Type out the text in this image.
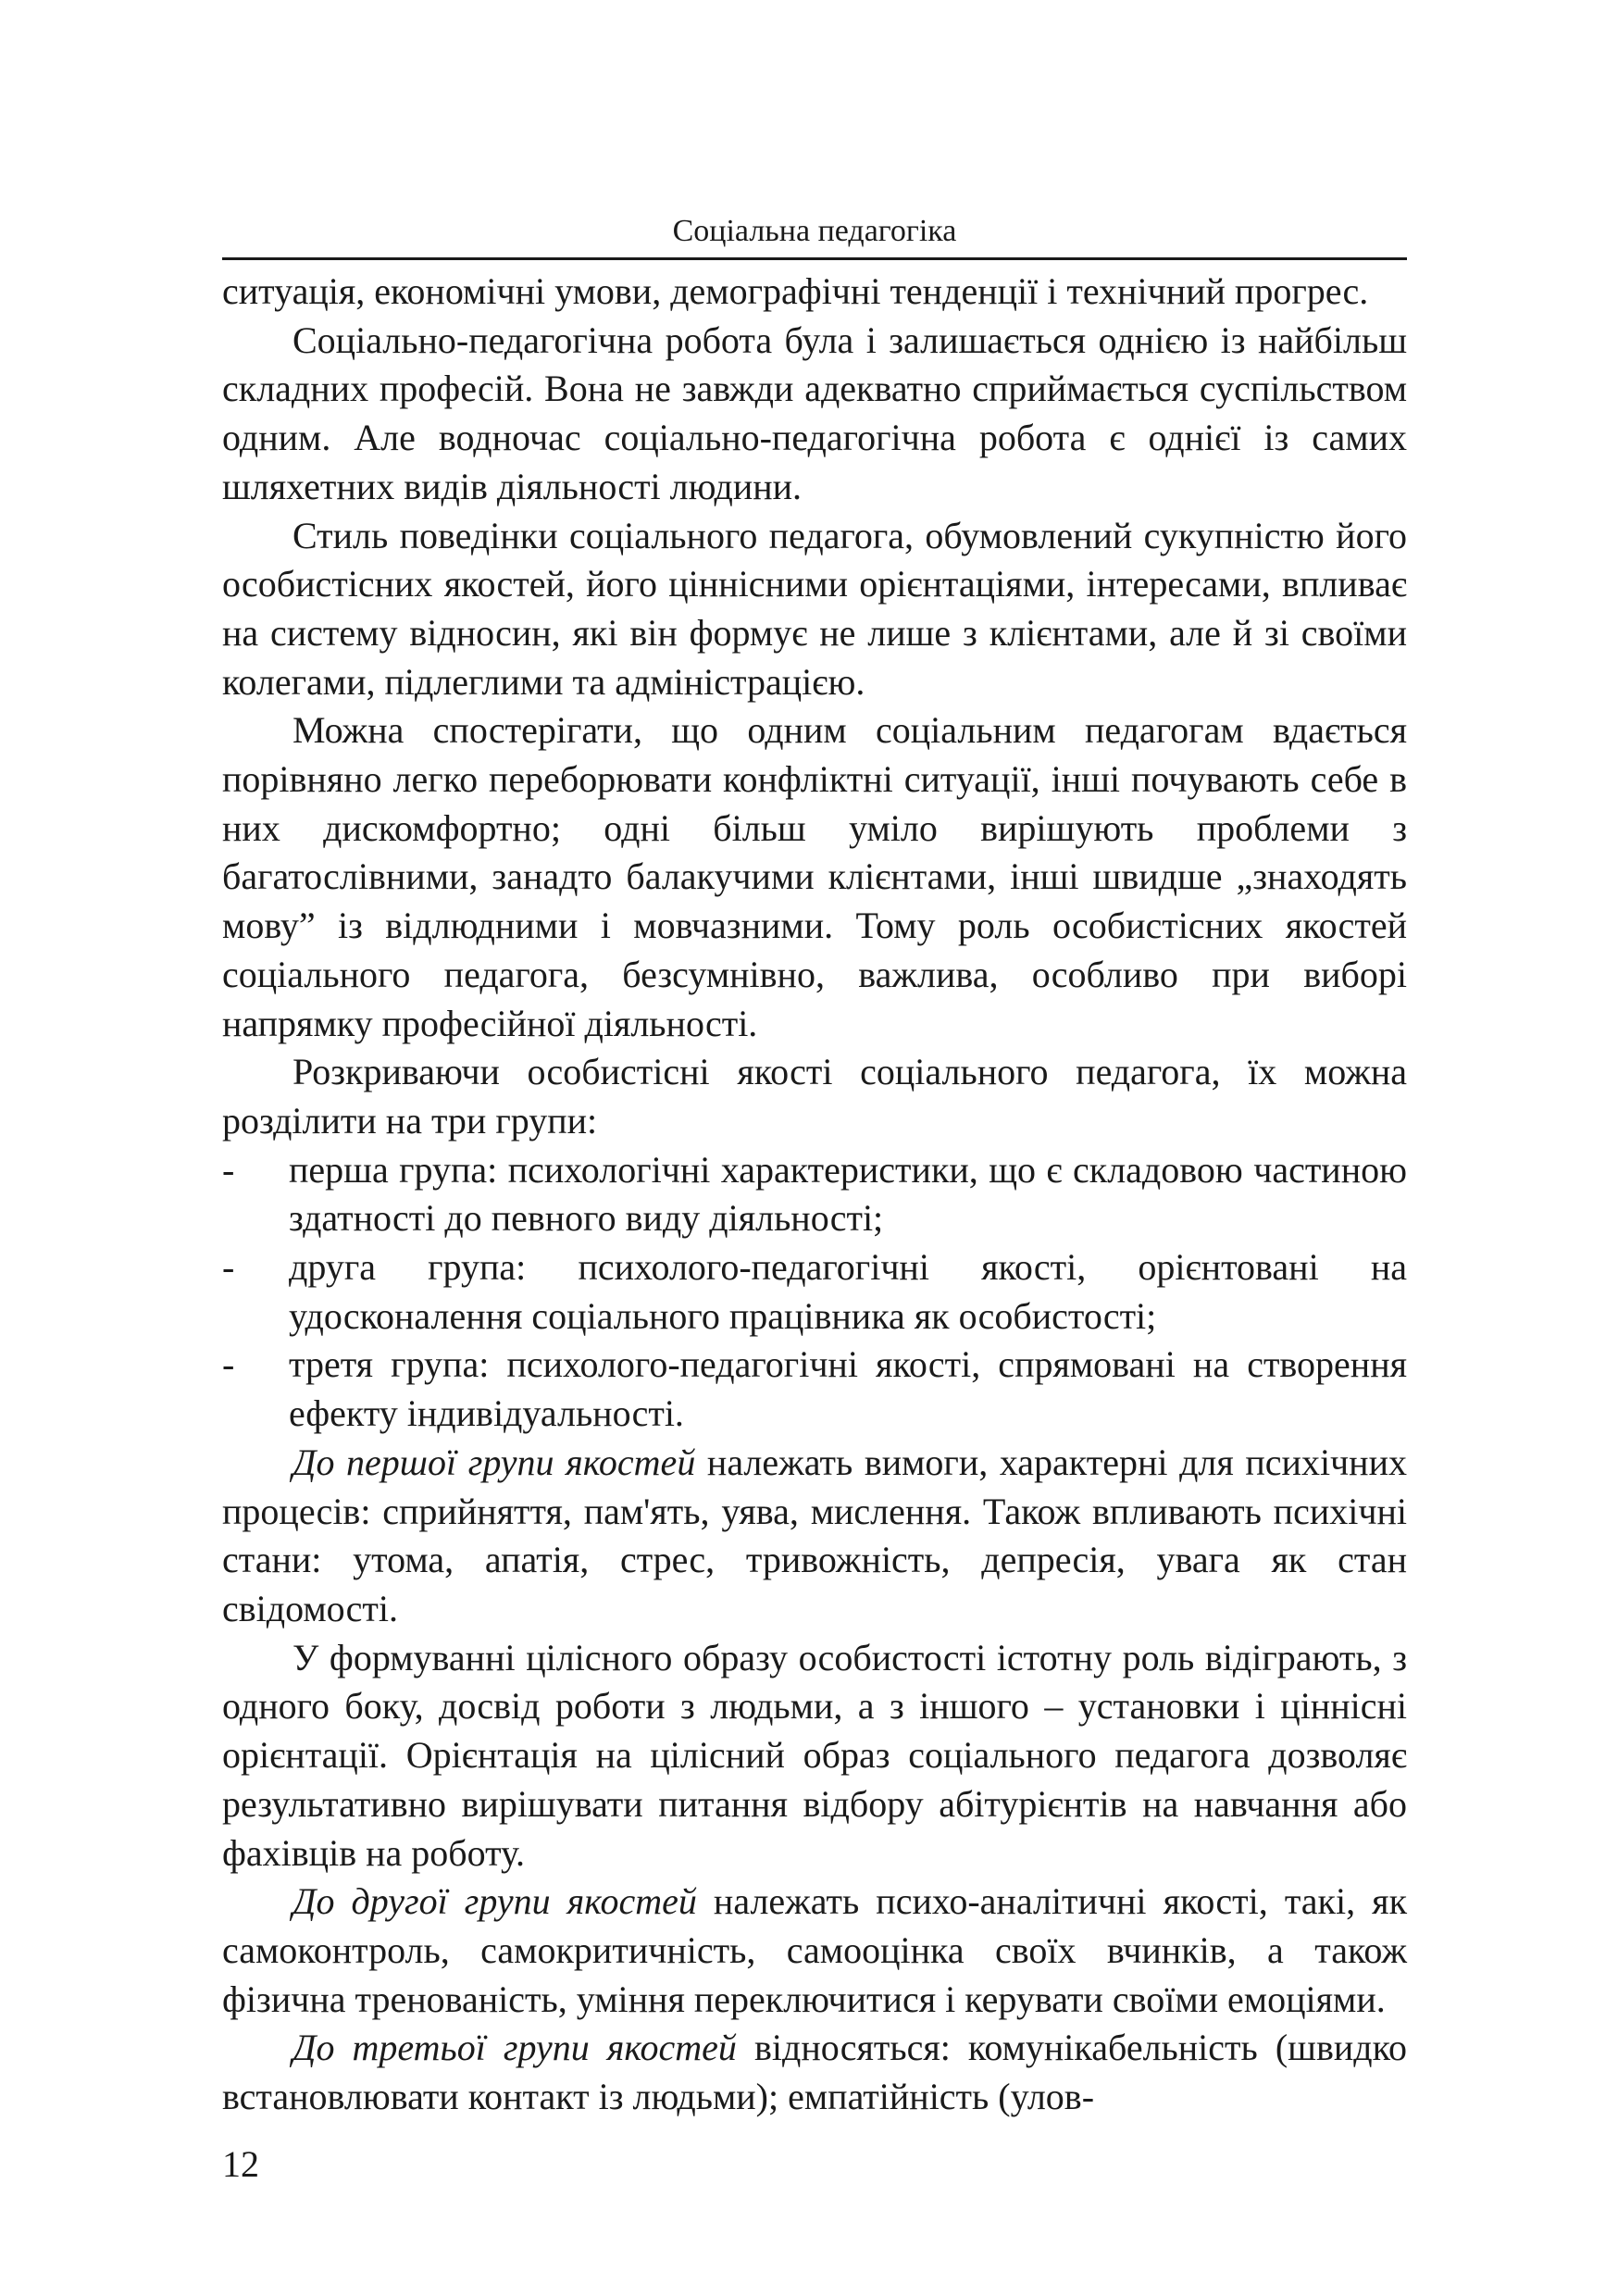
Соціальна педагогіка

ситуація, економічні умови, демографічні тенденції і технічний прогрес.

Соціально-педагогічна робота була і залишається однією із найбільш складних професій. Вона не завжди адекватно сприймається суспільством одним. Але водночас соціально-педагогічна робота є однієї із самих шляхетних видів діяльності людини.

Стиль поведінки соціального педагога, обумовлений сукупністю його особистісних якостей, його ціннісними орієнтаціями, інтересами, впливає на систему відносин, які він формує не лише з клієнтами, але й зі своїми колегами, підлеглими та адміністрацією.

Можна спостерігати, що одним соціальним педагогам вдається порівняно легко переборювати конфліктні ситуації, інші почувають себе в них дискомфортно; одні більш уміло вирішують проблеми з багатослівними, занадто балакучими клієнтами, інші швидше „знаходять мову” із відлюдними і мовчазними. Тому роль особистісних якостей соціального педагога, безсумнівно, важлива, особливо при виборі напрямку професійної діяльності.

Розкриваючи особистісні якості соціального педагога, їх можна розділити на три групи:

- перша група: психологічні характеристики, що є складовою частиною здатності до певного виду діяльності;
- друга група: психолого-педагогічні якості, орієнтовані на удосконалення соціального працівника як особистості;
- третя група: психолого-педагогічні якості, спрямовані на створення ефекту індивідуальності.

До першої групи якостей належать вимоги, характерні для психічних процесів: сприйняття, пам'ять, уява, мислення. Також впливають психічні стани: утома, апатія, стрес, тривожність, депресія, увага як стан свідомості.

У формуванні цілісного образу особистості істотну роль відіграють, з одного боку, досвід роботи з людьми, а з іншого – установки і ціннісні орієнтації. Орієнтація на цілісний образ соціального педагога дозволяє результативно вирішувати питання відбору абітурієнтів на навчання або фахівців на роботу.

До другої групи якостей належать психо-аналітичні якості, такі, як самоконтроль, самокритичність, самооцінка своїх вчинків, а також фізична тренованість, уміння переключитися і керувати своїми емоціями.

До третьої групи якостей відносяться: комунікабельність (швидко встановлювати контакт із людьми); емпатійність (улов-

12
